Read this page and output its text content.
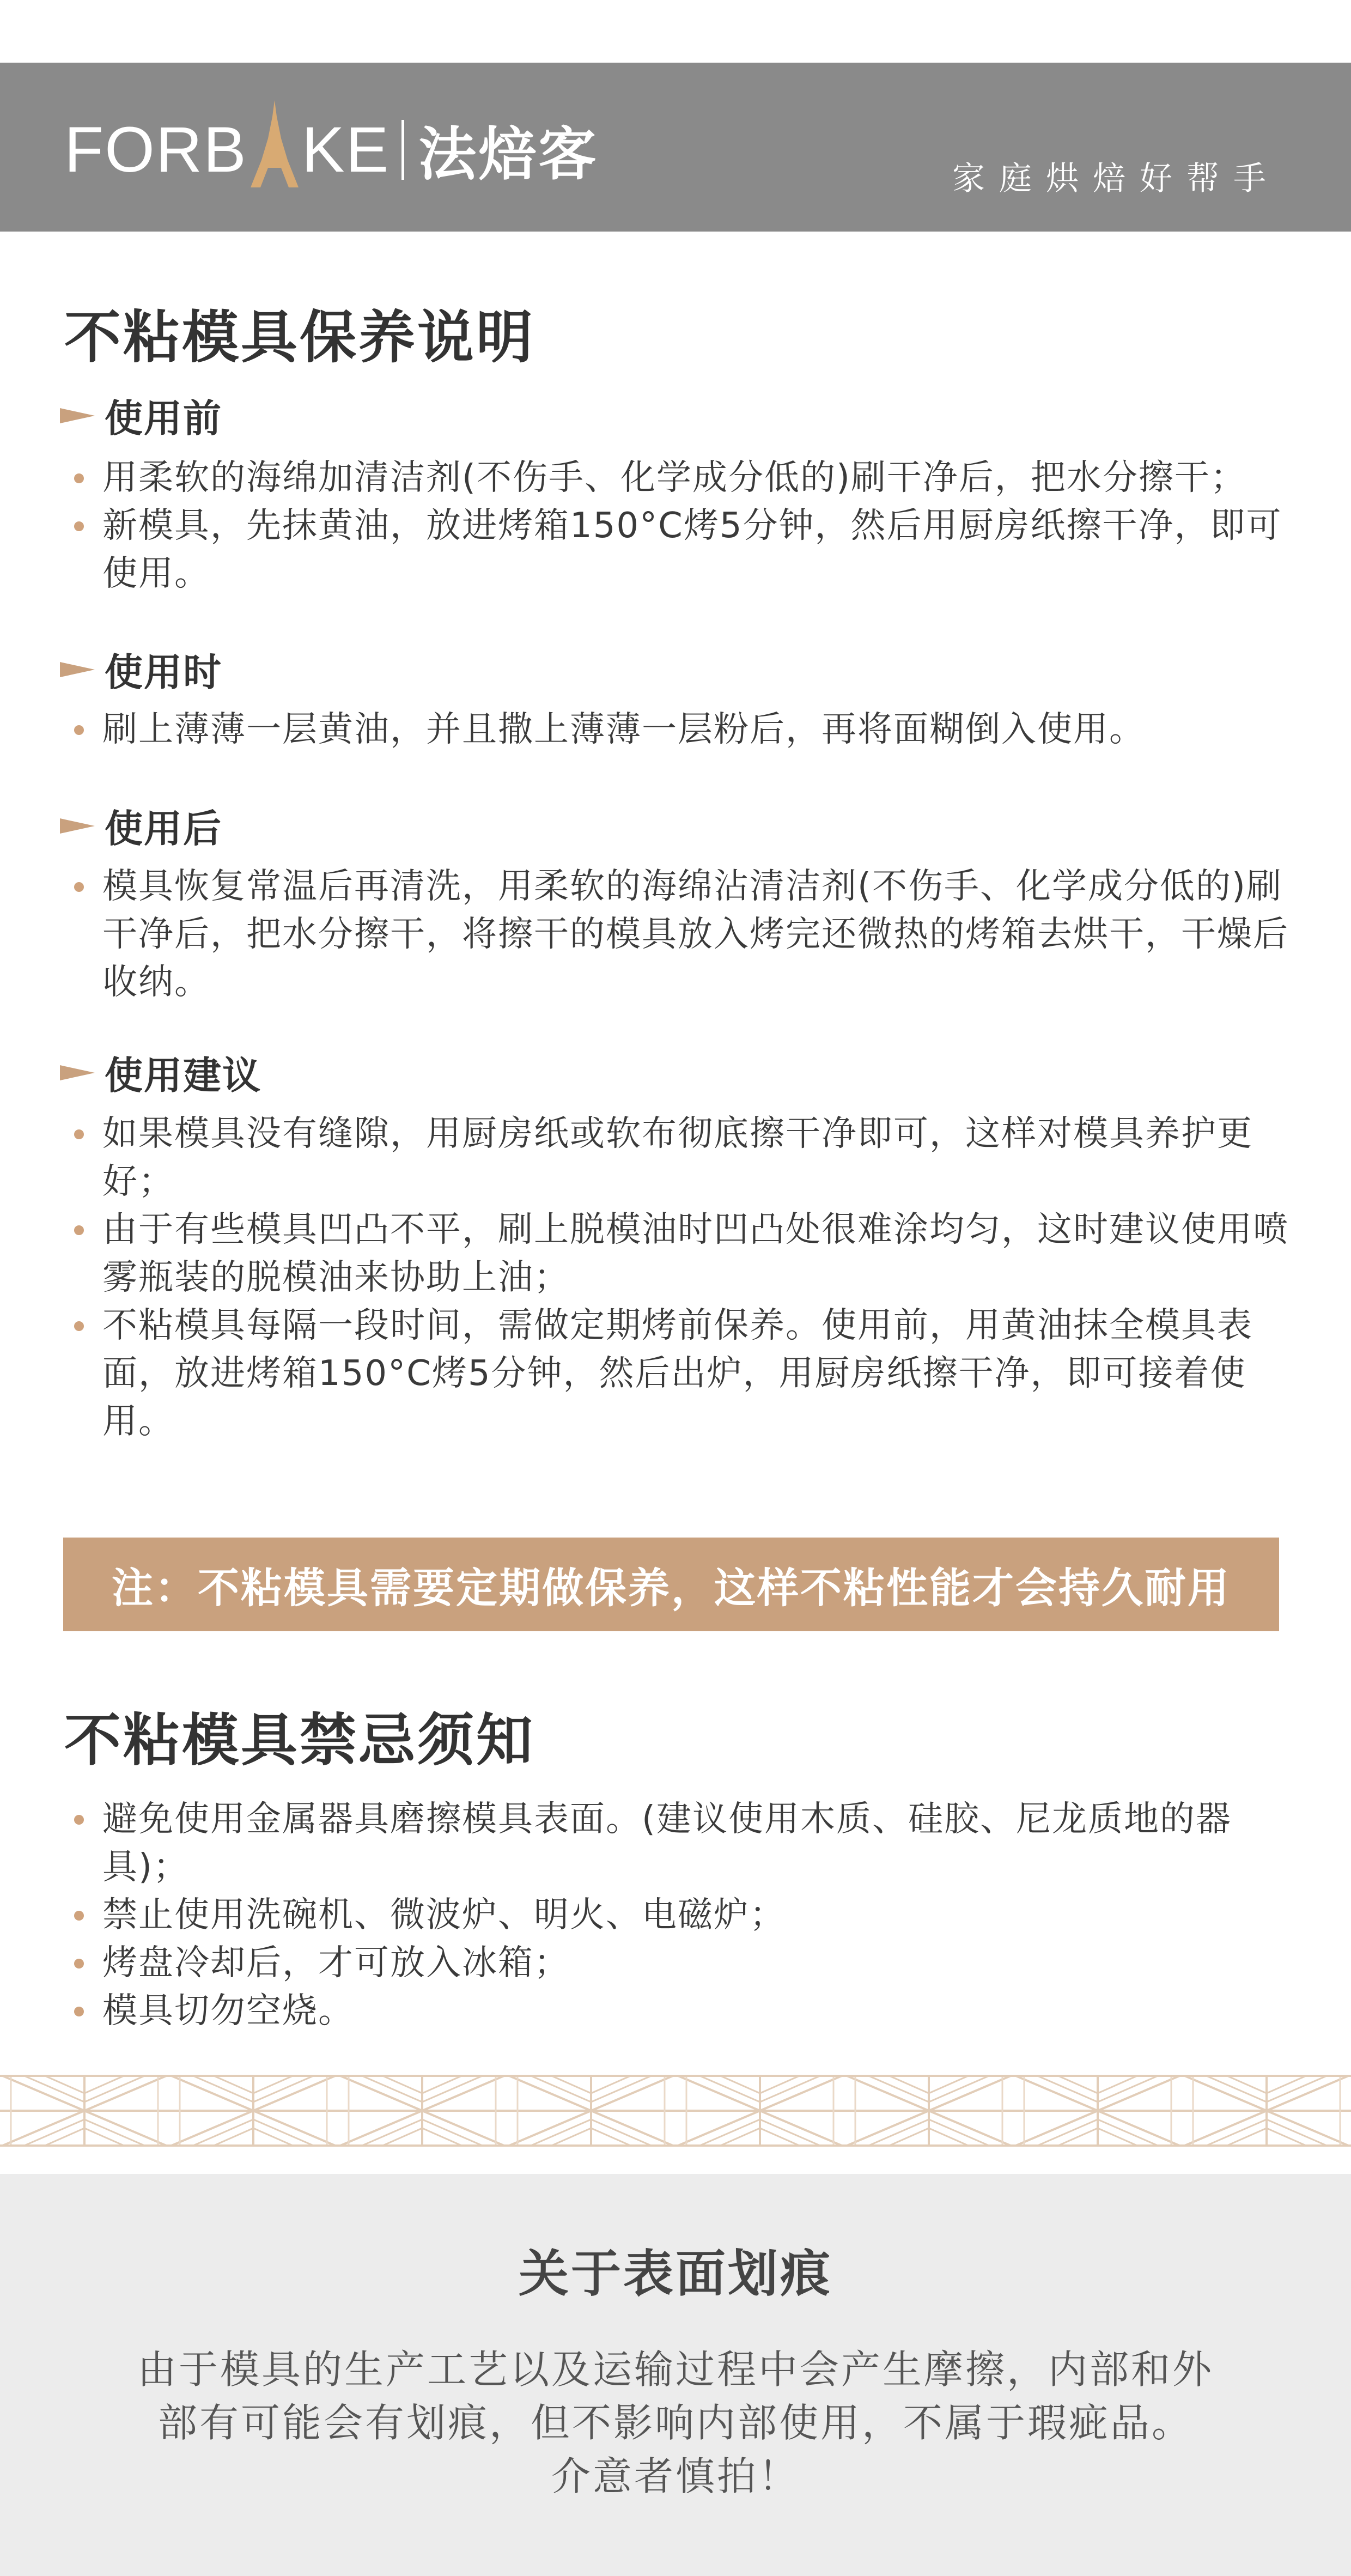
FORB KE 法焙客	家庭烘焙好帮手
不粘模具保养说明
使用前
用柔软的海绵加清洁剂(不伤手、化学成分低的)刷干净后，把水分擦干；
新模具，先抹黄油，放进烤箱150°C烤5分钟，然后用厨房纸擦干净，即可使用。
使用时
刷上薄薄一层黄油，并且撒上薄薄一层粉后，再将面糊倒入使用。
使用后
模具恢复常温后再清洗，用柔软的海绵沾清洁剂(不伤手、化学成分低的)刷干净后，把水分擦干，将擦干的模具放入烤完还微热的烤箱去烘干，干燥后收纳。
使用建议
如果模具没有缝隙，用厨房纸或软布彻底擦干净即可，这样对模具养护更好；
由于有些模具凹凸不平，刷上脱模油时凹凸处很难涂均匀，这时建议使用喷雾瓶装的脱模油来协助上油；
不粘模具每隔一段时间，需做定期烤前保养。使用前，用黄油抹全模具表面，放进烤箱150°C烤5分钟，然后出炉，用厨房纸擦干净，即可接着使用。
注：不粘模具需要定期做保养，这样不粘性能才会持久耐用
不粘模具禁忌须知
避免使用金属器具磨擦模具表面。(建议使用木质、硅胶、尼龙质地的器具)；
禁止使用洗碗机、微波炉、明火、电磁炉；
烤盘冷却后，才可放入冰箱；
模具切勿空烧。
关于表面划痕
由于模具的生产工艺以及运输过程中会产生摩擦，内部和外
部有可能会有划痕，但不影响内部使用，不属于瑕疵品。
介意者慎拍！
